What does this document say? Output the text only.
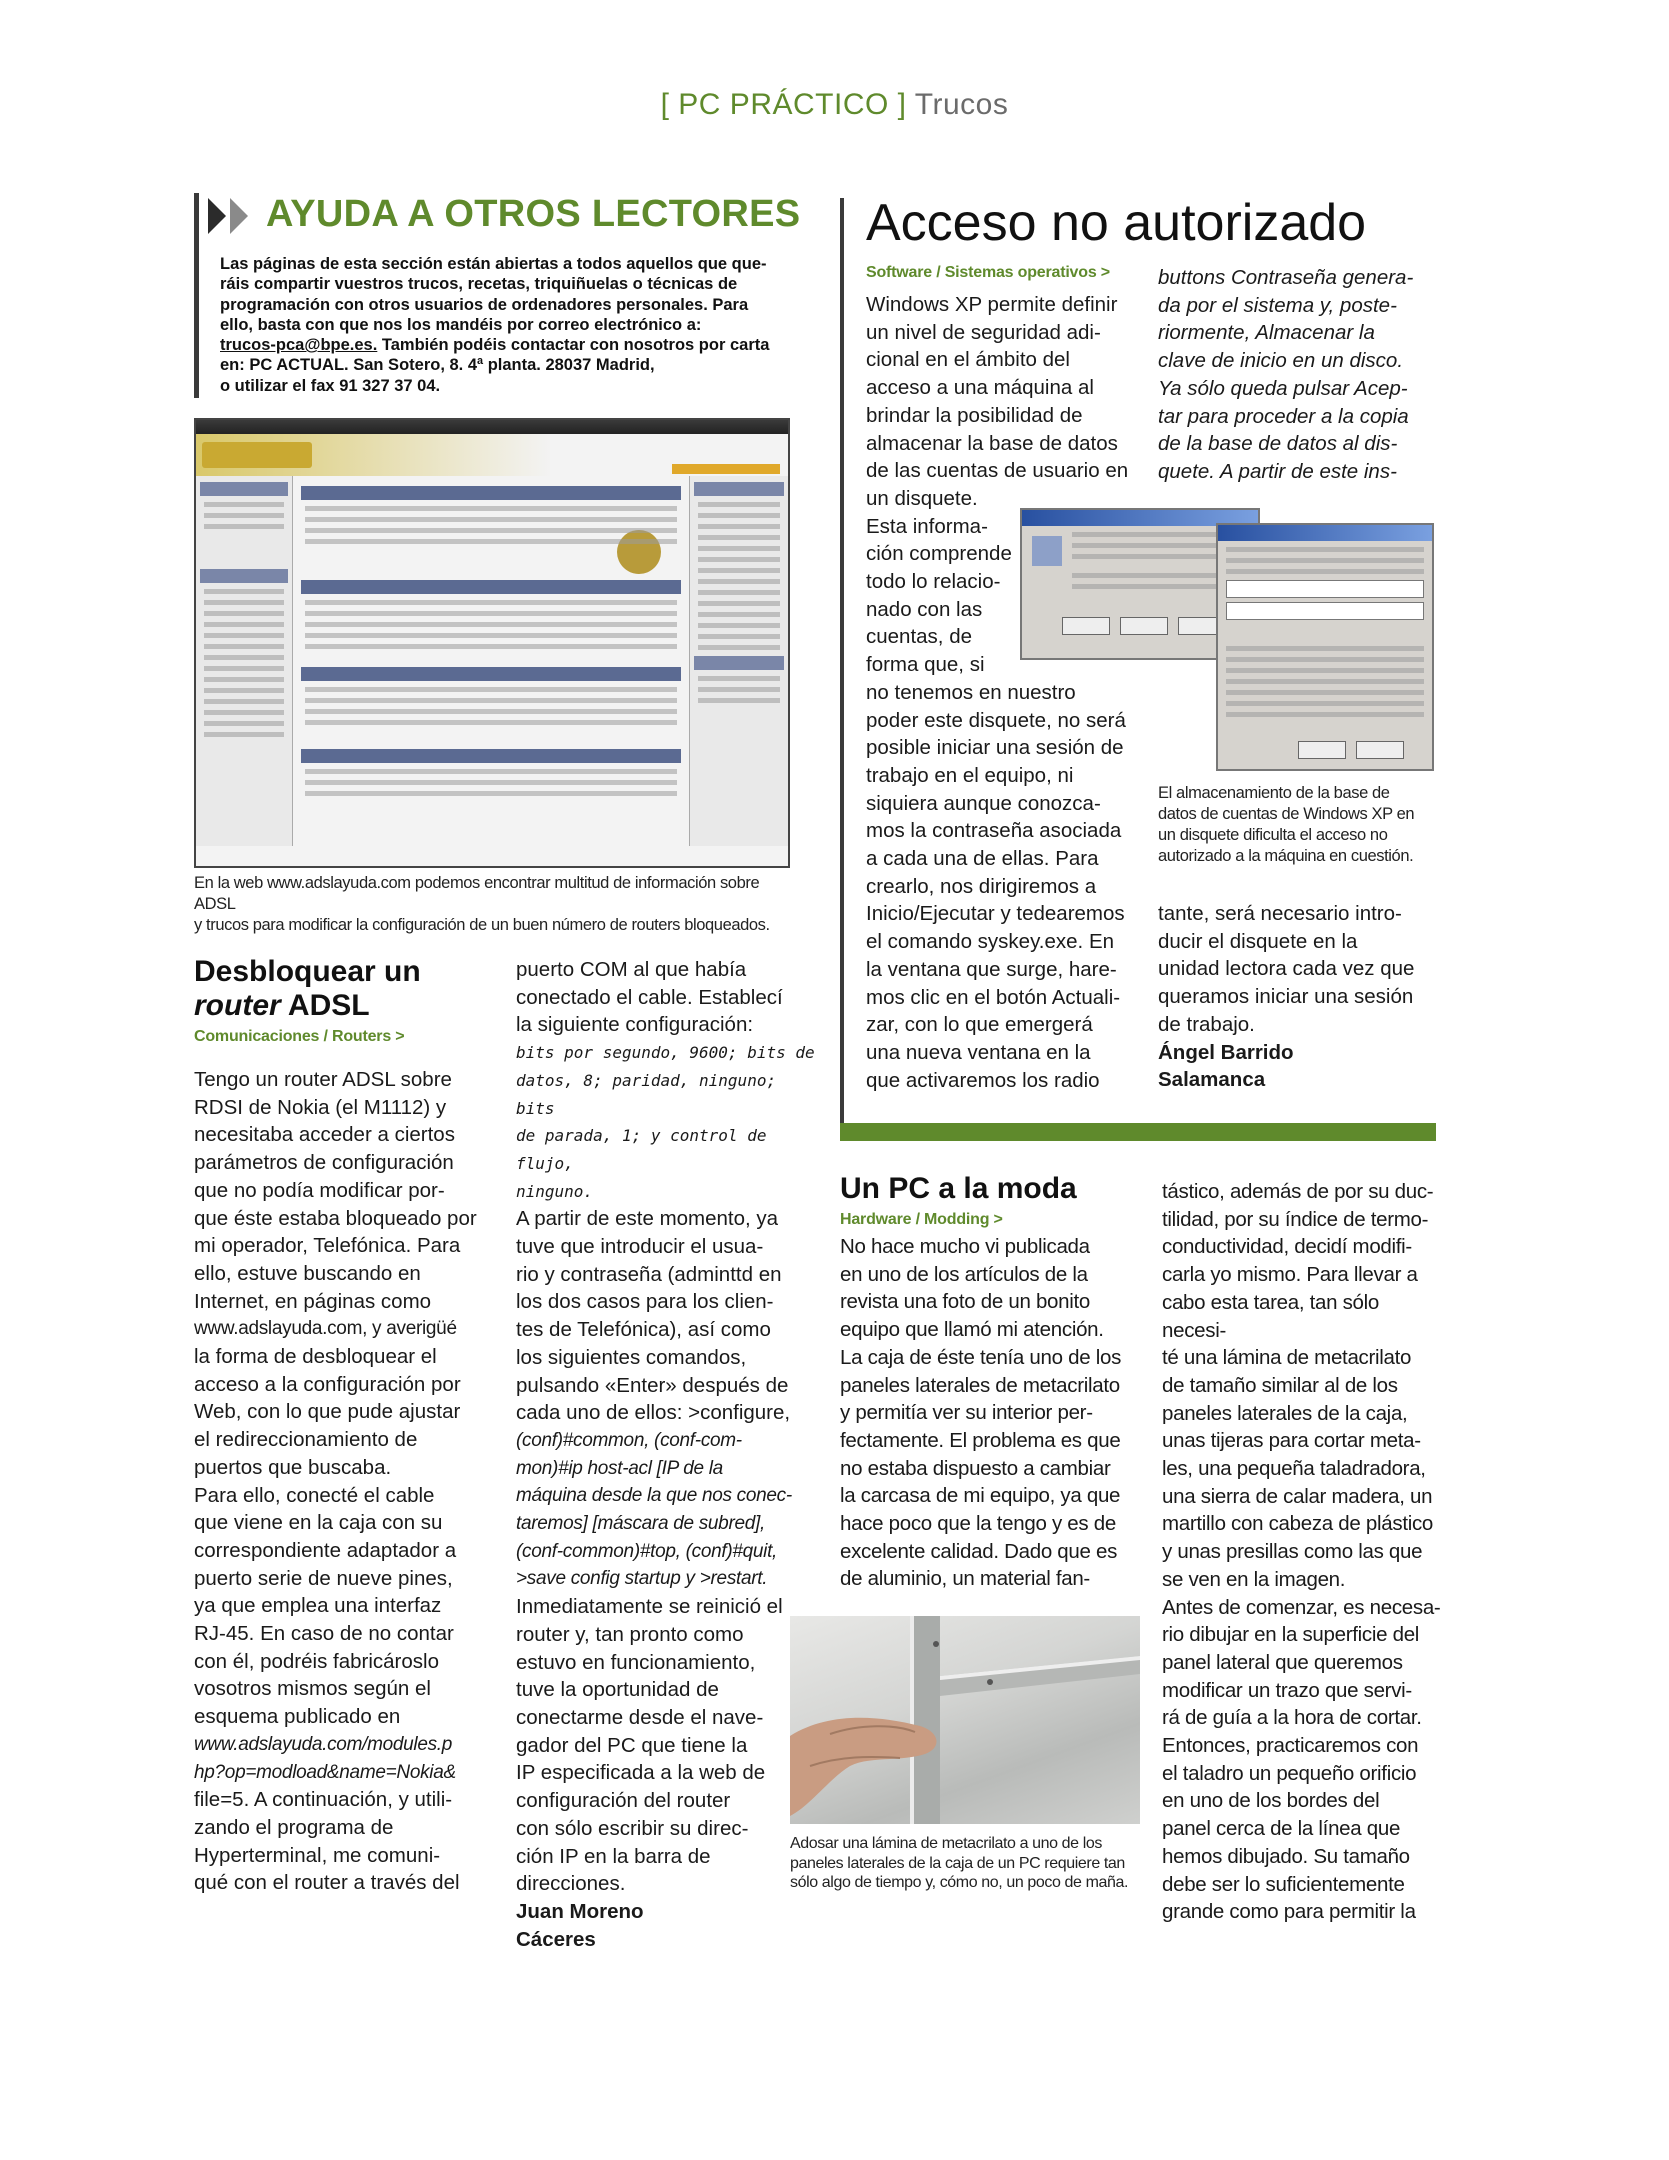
[ PC PRÁCTICO ] Trucos
AYUDA A OTROS LECTORES
Las páginas de esta sección están abiertas a todos aquellos que que-
ráis compartir vuestros trucos, recetas, triquiñuelas o técnicas de
programación con otros usuarios de ordenadores personales. Para
ello, basta con que nos los mandéis por correo electrónico a:
trucos-pca@bpe.es. También podéis contactar con nosotros por carta
en: PC ACTUAL. San Sotero, 8. 4ª planta. 28037 Madrid,
o utilizar el fax 91 327 37 04.
En la web www.adslayuda.com podemos encontrar multitud de información sobre ADSL
y trucos para modificar la configuración de un buen número de routers bloqueados.
Acceso no autorizado
Software / Sistemas operativos >

Windows XP permite definir

un nivel de seguridad adi-

cional en el ámbito del

acceso a una máquina al

brindar la posibilidad de

almacenar la base de datos

de las cuentas de usuario en

un disquete.

Esta informa-

ción comprende

todo lo relacio-

nado con las

cuentas, de

forma que, si

no tenemos en nuestro

poder este disquete, no será

posible iniciar una sesión de

trabajo en el equipo, ni

siquiera aunque conozca-

mos la contraseña asociada

a cada una de ellas. Para

crearlo, nos dirigiremos a

Inicio/Ejecutar y tedearemos

el comando syskey.exe. En

la ventana que surge, hare-

mos clic en el botón Actuali-

zar, con lo que emergerá

una nueva ventana en la

que activaremos los radio

buttons Contraseña genera-

da por el sistema y, poste-

riormente, Almacenar la

clave de inicio en un disco.

Ya sólo queda pulsar Acep-

tar para proceder a la copia

de la base de datos al dis-

quete. A partir de este ins-

El almacenamiento de la base de
datos de cuentas de Windows XP en
un disquete dificulta el acceso no
autorizado a la máquina en cuestión.

tante, será necesario intro-

ducir el disquete en la

unidad lectora cada vez que

queramos iniciar una sesión

de trabajo.

Ángel Barrido

Salamanca

Desbloquear un
router ADSL
Comunicaciones / Routers >

Tengo un router ADSL sobre

RDSI de Nokia (el M1112) y

necesitaba acceder a ciertos

parámetros de configuración

que no podía modificar por-

que éste estaba bloqueado por

mi operador, Telefónica. Para

ello, estuve buscando en

Internet, en páginas como

www.adslayuda.com, y averigüé

la forma de desbloquear el

acceso a la configuración por

Web, con lo que pude ajustar

el redireccionamiento de

puertos que buscaba.

Para ello, conecté el cable

que viene en la caja con su

correspondiente adaptador a

puerto serie de nueve pines,

ya que emplea una interfaz

RJ-45. En caso de no contar

con él, podréis fabricároslo

vosotros mismos según el

esquema publicado en

www.adslayuda.com/modules.p

hp?op=modload&name=Nokia&

file=5. A continuación, y utili-

zando el programa de

Hyperterminal, me comuni-

qué con el router a través del

puerto COM al que había

conectado el cable. Establecí

la siguiente configuración:

bits por segundo, 9600; bits de

datos, 8; paridad, ninguno; bits

de parada, 1; y control de flujo,

ninguno.

A partir de este momento, ya

tuve que introducir el usua-

rio y contraseña (adminttd en

los dos casos para los clien-

tes de Telefónica), así como

los siguientes comandos,

pulsando «Enter» después de

cada uno de ellos: >configure,

(conf)#common, (conf-com-

mon)#ip host-acl [IP de la

máquina desde la que nos conec-

taremos] [máscara de subred],

(conf-common)#top, (conf)#quit,

>save config startup y >restart.

Inmediatamente se reinició el

router y, tan pronto como

estuvo en funcionamiento,

tuve la oportunidad de

conectarme desde el nave-

gador del PC que tiene la

IP especificada a la web de

configuración del router

con sólo escribir su direc-

ción IP en la barra de

direcciones.

Juan Moreno

Cáceres

Un PC a la moda
Hardware / Modding >

No hace mucho vi publicada

en uno de los artículos de la

revista una foto de un bonito

equipo que llamó mi atención.

La caja de éste tenía uno de los

paneles laterales de metacrilato

y permitía ver su interior per-

fectamente. El problema es que

no estaba dispuesto a cambiar

la carcasa de mi equipo, ya que

hace poco que la tengo y es de

excelente calidad. Dado que es

de aluminio, un material fan-

tástico, además de por su duc-

tilidad, por su índice de termo-

conductividad, decidí modifi-

carla yo mismo. Para llevar a

cabo esta tarea, tan sólo necesi-

té una lámina de metacrilato

de tamaño similar al de los

paneles laterales de la caja,

unas tijeras para cortar meta-

les, una pequeña taladradora,

una sierra de calar madera, un

martillo con cabeza de plástico

y unas presillas como las que

se ven en la imagen.

Antes de comenzar, es necesa-

rio dibujar en la superficie del

panel lateral que queremos

modificar un trazo que servi-

rá de guía a la hora de cortar.

Entonces, practicaremos con

el taladro un pequeño orificio

en uno de los bordes del

panel cerca de la línea que

hemos dibujado. Su tamaño

debe ser lo suficientemente

grande como para permitir la

Adosar una lámina de metacrilato a uno de los
paneles laterales de la caja de un PC requiere tan
sólo algo de tiempo y, cómo no, un poco de maña.
